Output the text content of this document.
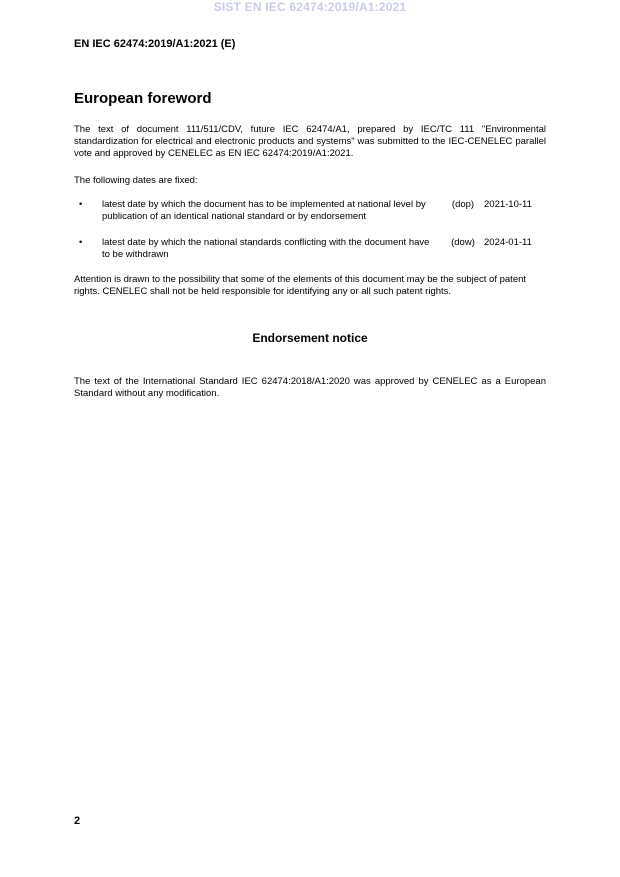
SIST EN IEC 62474:2019/A1:2021
EN IEC 62474:2019/A1:2021 (E)
European foreword
The text of document 111/511/CDV, future IEC 62474/A1, prepared by IEC/TC 111 "Environmental standardization for electrical and electronic products and systems" was submitted to the IEC-CENELEC parallel vote and approved by CENELEC as EN IEC 62474:2019/A1:2021.
The following dates are fixed:
• latest date by which the document has to be implemented at national level by publication of an identical national standard or by endorsement
(dop)	2021-10-11
• latest date by which the national standards conflicting with the document have to be withdrawn
(dow) 2024-01-11
Attention is drawn to the possibility that some of the elements of this document may be the subject of patent rights. CENELEC shall not be held responsible for identifying any or all such patent rights.
Endorsement notice
The text of the International Standard IEC 62474:2018/A1:2020 was approved by CENELEC as a European Standard without any modification.
2
